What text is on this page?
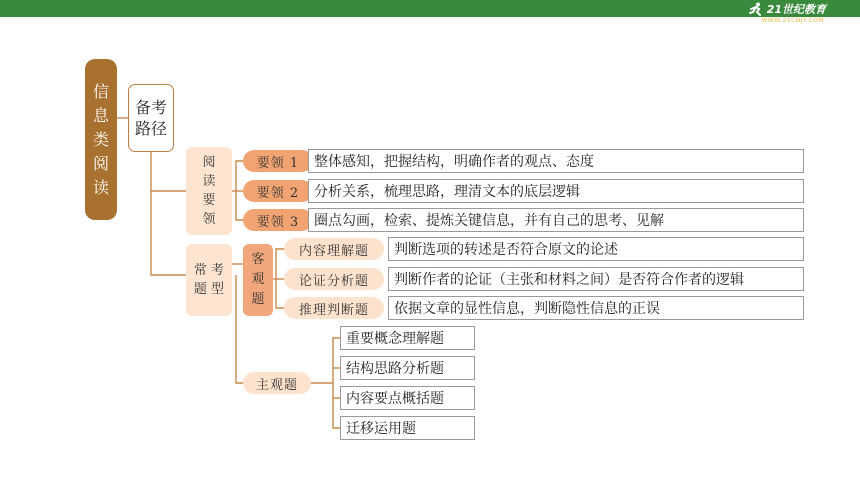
21世纪教育
WWW.21CNJY.COM
信
息
类
阅
读
备考
路径
阅
读
要
领
要领 1	整体感知，把握结构，明确作者的观点、态度
要领 2	分析关系，梳理思路，理清文本的底层逻辑
要领 3	圈点勾画，检索、提炼关键信息，并有自己的思考、见解
常 考
题 型
客
观
题
内容理解题	判断选项的转述是否符合原文的论述
论证分析题	判断作者的论证（主张和材料之间）是否符合作者的逻辑
推理判断题	依据文章的显性信息，判断隐性信息的正误
主观题
重要概念理解题
结构思路分析题
内容要点概括题
迁移运用题
